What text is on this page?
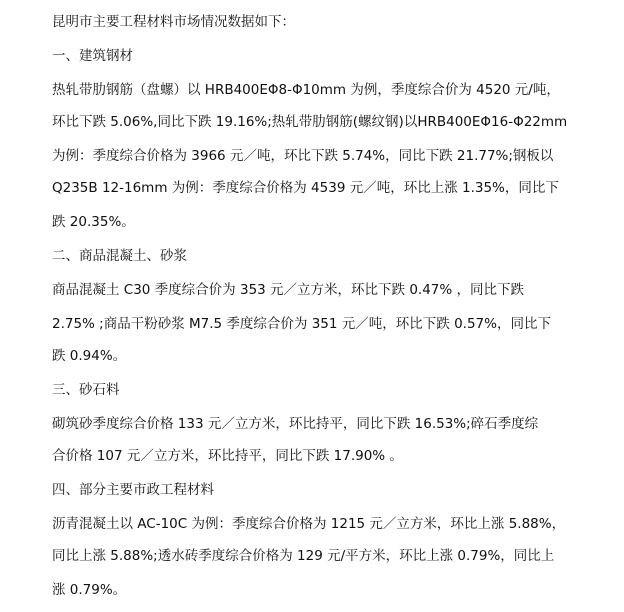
昆明市主要工程材料市场情况数据如下：
一、建筑钢材
热轧带肋钢筋（盘螺）以 HRB400EΦ8-Φ10mm 为例，季度综合价为 4520 元/吨，
环比下跌 5.06%,同比下跌 19.16%;热轧带肋钢筋(螺纹钢)以HRB400EΦ16-Φ22mm
为例：季度综合价格为 3966 元／吨，环比下跌 5.74%，同比下跌 21.77%;钢板以
Q235B 12-16mm 为例：季度综合价格为 4539 元／吨，环比上涨 1.35%，同比下
跌 20.35%。
二、商品混凝土、砂浆
商品混凝土 C30 季度综合价为 353 元／立方米，环比下跌 0.47% ，同比下跌
2.75% ;商品干粉砂浆 M7.5 季度综合价为 351 元／吨，环比下跌 0.57%，同比下
跌 0.94%。
三、砂石料
砌筑砂季度综合价格 133 元／立方米，环比持平，同比下跌 16.53%;碎石季度综
合价格 107 元／立方米，环比持平，同比下跌 17.90% 。
四、部分主要市政工程材料
沥青混凝土以 AC-10C 为例：季度综合价格为 1215 元／立方米，环比上涨 5.88%，
同比上涨 5.88%;透水砖季度综合价格为 129 元/平方米，环比上涨 0.79%，同比上
涨 0.79%。
